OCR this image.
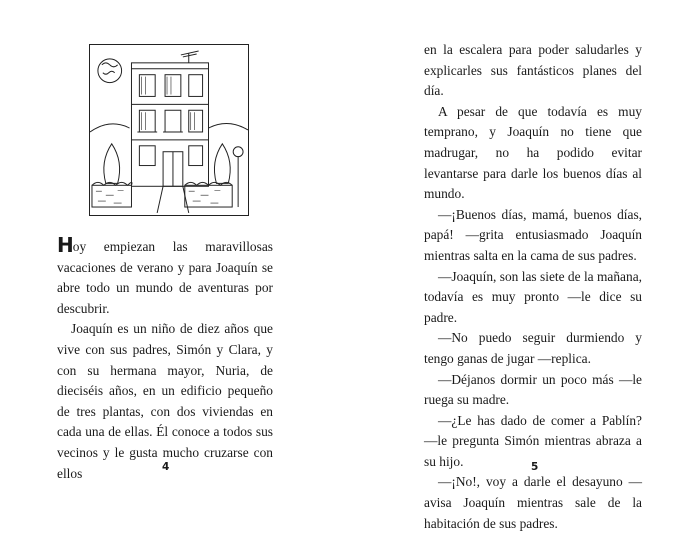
Hoy empiezan las maravillosas vacaciones de verano y para Joaquín se abre todo un mundo de aventuras por descubrir.

Joaquín es un niño de diez años que vive con sus padres, Simón y Clara, y con su hermana mayor, Nuria, de dieciséis años, en un edificio pequeño de tres plantas, con dos viviendas en cada una de ellas. Él conoce a todos sus vecinos y le gusta mucho cruzarse con ellos	4

en la escalera para poder saludarles y explicarles sus fantásticos planes del día.

A pesar de que todavía es muy temprano, y Joaquín no tiene que madrugar, no ha podido evitar levantarse para darle los buenos días al mundo.

—¡Buenos días, mamá, buenos días, papá! —grita entusiasmado Joaquín mientras salta en la cama de sus padres.

—Joaquín, son las siete de la mañana, todavía es muy pronto —le dice su padre.

—No puedo seguir durmiendo y tengo ganas de jugar —replica.

—Déjanos dormir un poco más —le ruega su madre.

—¿Le has dado de comer a Pablín? —le pregunta Simón mientras abraza a su hijo.

—¡No!, voy a darle el desayuno —avisa Joaquín mientras sale de la habitación de sus padres.

5
